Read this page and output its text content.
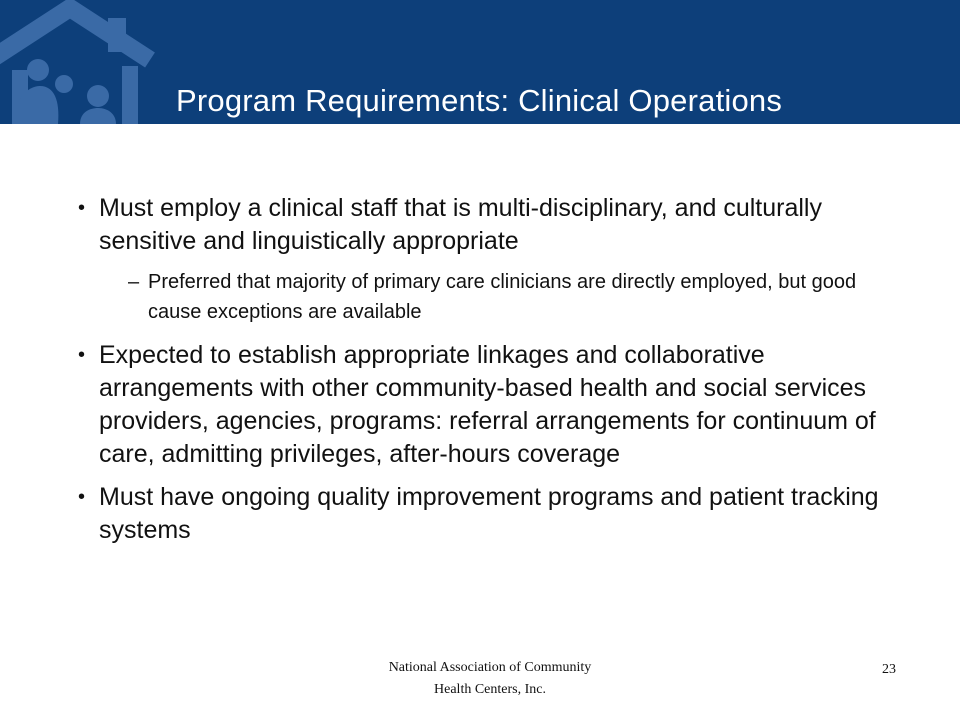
Program Requirements: Clinical Operations
• Must employ a clinical staff that is multi-disciplinary, and culturally sensitive and linguistically appropriate
– Preferred that majority of primary care clinicians are directly employed, but good cause exceptions are available
• Expected to establish appropriate linkages and collaborative arrangements with other community-based health and social services providers, agencies, programs: referral arrangements for continuum of care, admitting privileges, after-hours coverage
• Must have ongoing quality improvement programs and patient tracking systems
National Association of Community Health Centers, Inc.
23
